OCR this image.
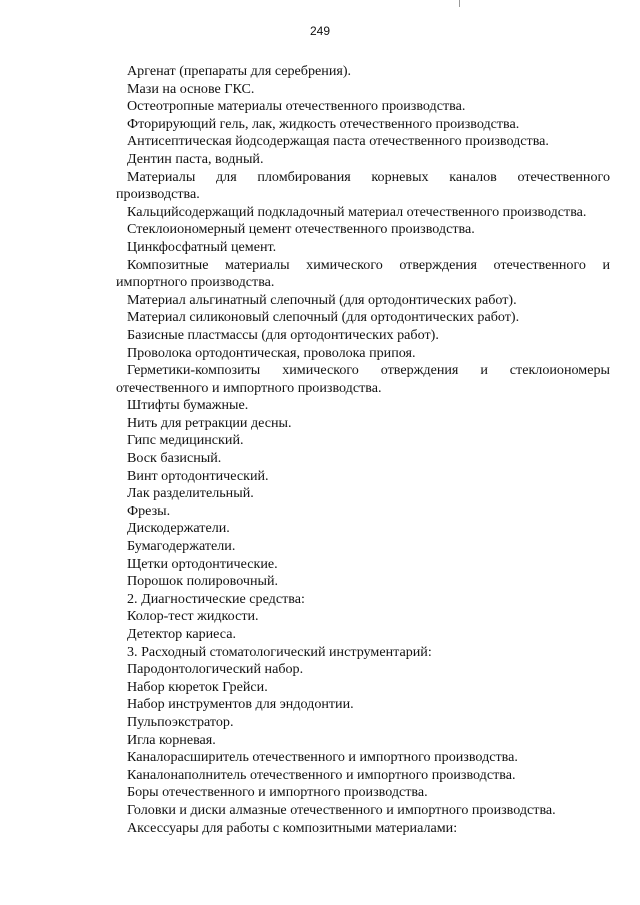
249

Аргенат (препараты для серебрения).

Мази на основе ГКС.

Остеотропные материалы отечественного производства.

Фторирующий гель, лак, жидкость отечественного производства.

Антисептическая йодсодержащая паста отечественного производства.

Дентин паста, водный.

Материалы для пломбирования корневых каналов отечественного производства.

Кальцийсодержащий подкладочный материал отечественного производства.

Стеклоиономерный цемент отечественного производства.

Цинкфосфатный цемент.

Композитные материалы химического отверждения отечественного и импортного производства.

Материал альгинатный слепочный (для ортодонтических работ).

Материал силиконовый слепочный (для ортодонтических работ).

Базисные пластмассы (для ортодонтических работ).

Проволока ортодонтическая, проволока припоя.

Герметики-композиты химического отверждения и стеклоиономеры отечественного и импортного производства.

Штифты бумажные.

Нить для ретракции десны.

Гипс медицинский.

Воск базисный.

Винт ортодонтический.

Лак разделительный.

Фрезы.

Дискодержатели.

Бумагодержатели.

Щетки ортодонтические.

Порошок полировочный.

2. Диагностические средства:

Колор-тест жидкости.

Детектор кариеса.

3. Расходный стоматологический инструментарий:

Пародонтологический набор.

Набор кюреток Грейси.

Набор инструментов для эндодонтии.

Пульпоэкстратор.

Игла корневая.

Каналорасширитель отечественного и импортного производства.

Каналонаполнитель отечественного и импортного производства.

Боры отечественного и импортного производства.

Головки и диски алмазные отечественного и импортного производства.

Аксессуары для работы с композитными материалами:
